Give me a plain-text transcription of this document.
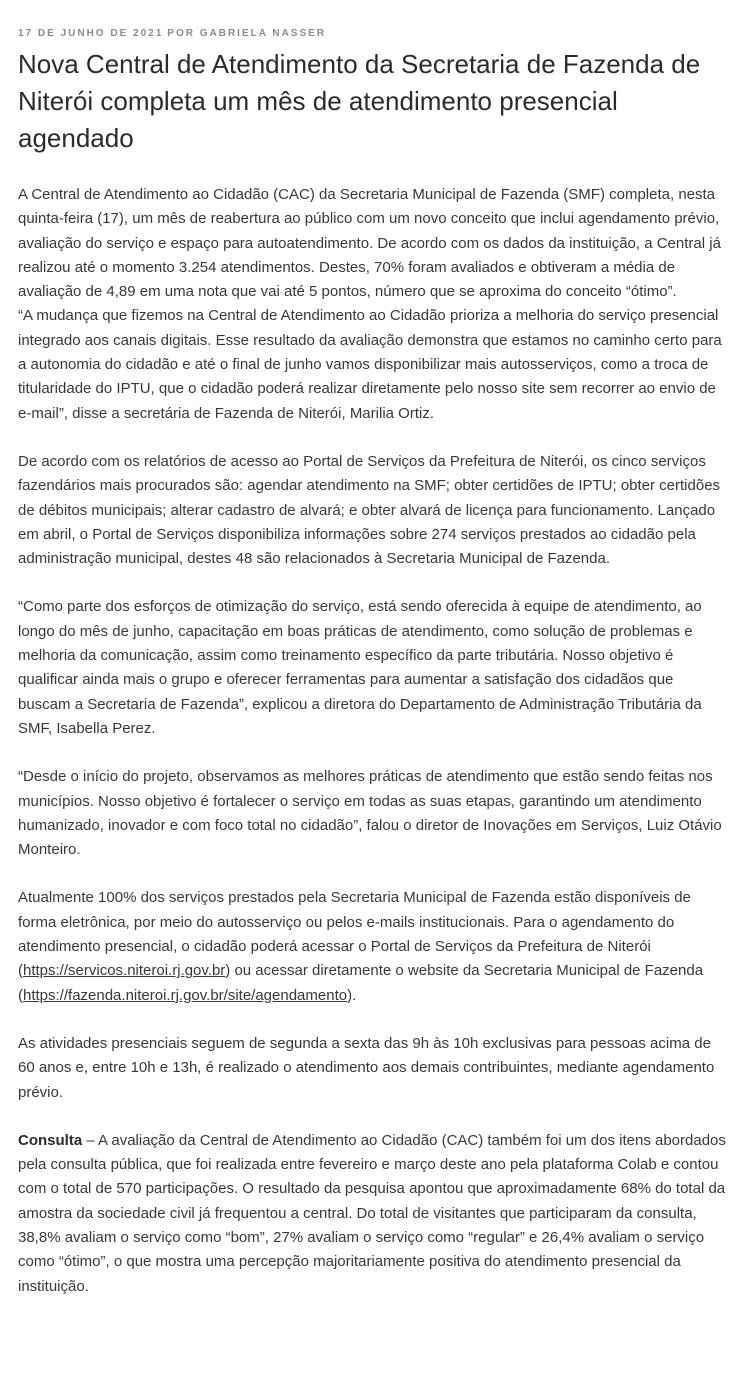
17 DE JUNHO DE 2021 POR GABRIELA NASSER
Nova Central de Atendimento da Secretaria de Fazenda de Niterói completa um mês de atendimento presencial agendado

A Central de Atendimento ao Cidadão (CAC) da Secretaria Municipal de Fazenda (SMF) completa, nesta quinta-feira (17), um mês de reabertura ao público com um novo conceito que inclui agendamento prévio, avaliação do serviço e espaço para autoatendimento. De acordo com os dados da instituição, a Central já realizou até o momento 3.254 atendimentos. Destes, 70% foram avaliados e obtiveram a média de avaliação de 4,89 em uma nota que vai até 5 pontos, número que se aproxima do conceito “ótimo”.

“A mudança que fizemos na Central de Atendimento ao Cidadão prioriza a melhoria do serviço presencial integrado aos canais digitais. Esse resultado da avaliação demonstra que estamos no caminho certo para a autonomia do cidadão e até o final de junho vamos disponibilizar mais autosserviços, como a troca de titularidade do IPTU, que o cidadão poderá realizar diretamente pelo nosso site sem recorrer ao envio de e-mail”, disse a secretária de Fazenda de Niterói, Marilia Ortiz.

De acordo com os relatórios de acesso ao Portal de Serviços da Prefeitura de Niterói, os cinco serviços fazendários mais procurados são: agendar atendimento na SMF; obter certidões de IPTU; obter certidões de débitos municipais; alterar cadastro de alvará; e obter alvará de licença para funcionamento. Lançado em abril, o Portal de Serviços disponibiliza informações sobre 274 serviços prestados ao cidadão pela administração municipal, destes 48 são relacionados à Secretaria Municipal de Fazenda.

“Como parte dos esforços de otimização do serviço, está sendo oferecida à equipe de atendimento, ao longo do mês de junho, capacitação em boas práticas de atendimento, como solução de problemas e melhoria da comunicação, assim como treinamento específico da parte tributária. Nosso objetivo é qualificar ainda mais o grupo e oferecer ferramentas para aumentar a satisfação dos cidadãos que buscam a Secretaria de Fazenda”, explicou a diretora do Departamento de Administração Tributária da SMF, Isabella Perez.

“Desde o início do projeto, observamos as melhores práticas de atendimento que estão sendo feitas nos municípios. Nosso objetivo é fortalecer o serviço em todas as suas etapas, garantindo um atendimento humanizado, inovador e com foco total no cidadão”, falou o diretor de Inovações em Serviços, Luiz Otávio Monteiro.

Atualmente 100% dos serviços prestados pela Secretaria Municipal de Fazenda estão disponíveis de forma eletrônica, por meio do autosserviço ou pelos e-mails institucionais. Para o agendamento do atendimento presencial, o cidadão poderá acessar o Portal de Serviços da Prefeitura de Niterói (https://servicos.niteroi.rj.gov.br) ou acessar diretamente o website da Secretaria Municipal de Fazenda (https://fazenda.niteroi.rj.gov.br/site/agendamento).

As atividades presenciais seguem de segunda a sexta das 9h às 10h exclusivas para pessoas acima de 60 anos e, entre 10h e 13h, é realizado o atendimento aos demais contribuintes, mediante agendamento prévio.

Consulta – A avaliação da Central de Atendimento ao Cidadão (CAC) também foi um dos itens abordados pela consulta pública, que foi realizada entre fevereiro e março deste ano pela plataforma Colab e contou com o total de 570 participações. O resultado da pesquisa apontou que aproximadamente 68% do total da amostra da sociedade civil já frequentou a central. Do total de visitantes que participaram da consulta, 38,8% avaliam o serviço como “bom”, 27% avaliam o serviço como “regular” e 26,4% avaliam o serviço como “ótimo”, o que mostra uma percepção majoritariamente positiva do atendimento presencial da instituição.
